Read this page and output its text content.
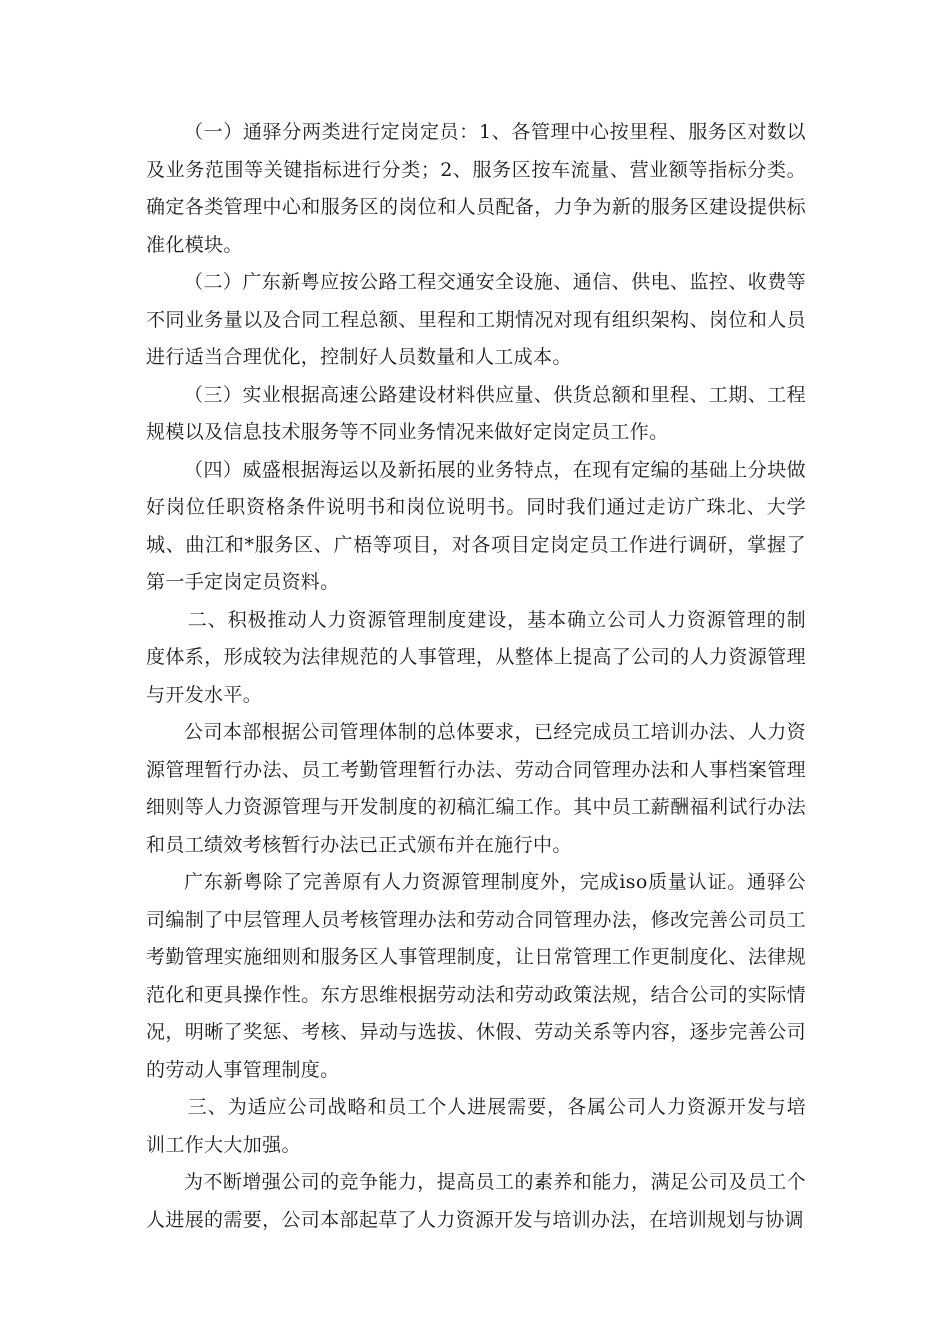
（一）通驿分两类进行定岗定员：1、各管理中心按里程、服务区对数以及业务范围等关键指标进行分类；2、服务区按车流量、营业额等指标分类。确定各类管理中心和服务区的岗位和人员配备，力争为新的服务区建设提供标准化模块。

（二）广东新粤应按公路工程交通安全设施、通信、供电、监控、收费等不同业务量以及合同工程总额、里程和工期情况对现有组织架构、岗位和人员进行适当合理优化，控制好人员数量和人工成本。

（三）实业根据高速公路建设材料供应量、供货总额和里程、工期、工程规模以及信息技术服务等不同业务情况来做好定岗定员工作。

（四）威盛根据海运以及新拓展的业务特点，在现有定编的基础上分块做好岗位任职资格条件说明书和岗位说明书。同时我们通过走访广珠北、大学城、曲江和*服务区、广梧等项目，对各项目定岗定员工作进行调研，掌握了第一手定岗定员资料。

二、积极推动人力资源管理制度建设，基本确立公司人力资源管理的制度体系，形成较为法律规范的人事管理，从整体上提高了公司的人力资源管理与开发水平。

公司本部根据公司管理体制的总体要求，已经完成员工培训办法、人力资源管理暂行办法、员工考勤管理暂行办法、劳动合同管理办法和人事档案管理细则等人力资源管理与开发制度的初稿汇编工作。其中员工薪酬福利试行办法和员工绩效考核暂行办法已正式颁布并在施行中。

广东新粤除了完善原有人力资源管理制度外，完成iso质量认证。通驿公司编制了中层管理人员考核管理办法和劳动合同管理办法，修改完善公司员工考勤管理实施细则和服务区人事管理制度，让日常管理工作更制度化、法律规范化和更具操作性。东方思维根据劳动法和劳动政策法规，结合公司的实际情况，明晰了奖惩、考核、异动与选拔、休假、劳动关系等内容，逐步完善公司的劳动人事管理制度。

三、为适应公司战略和员工个人进展需要，各属公司人力资源开发与培训工作大大加强。

为不断增强公司的竞争能力，提高员工的素养和能力，满足公司及员工个人进展的需要，公司本部起草了人力资源开发与培训办法，在培训规划与协调
